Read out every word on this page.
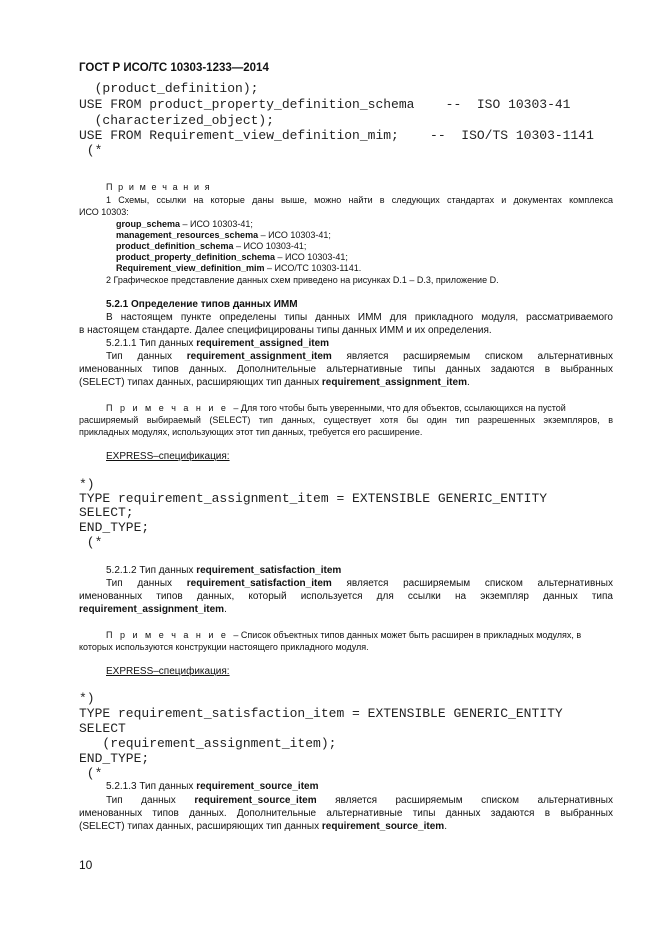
ГОСТ Р ИСО/ТС 10303-1233—2014
(product_definition);
USE FROM product_property_definition_schema    --  ISO 10303-41
(characterized_object);
USE FROM Requirement_view_definition_mim;    --  ISO/TS 10303-1141
(*
П р и м е ч а н и я
1 Схемы, ссылки на которые даны выше, можно найти в следующих стандартах и документах комплекса
ИСО 10303:
group_schema – ИСО 10303-41;
management_resources_schema – ИСО 10303-41;
product_definition_schema – ИСО 10303-41;
product_property_definition_schema – ИСО 10303-41;
Requirement_view_definition_mim – ИСО/ТС 10303-1141.
2 Графическое представление данных схем приведено на рисунках D.1 – D.3, приложение D.
5.2.1 Определение типов данных ИММ
В настоящем пункте определены типы данных ИММ для прикладного модуля, рассматриваемого
в настоящем стандарте. Далее специфицированы типы данных ИММ и их определения.
5.2.1.1 Тип данных requirement_assigned_item
Тип данных requirement_assignment_item является расширяемым списком альтернативных
именованных типов данных. Дополнительные альтернативные типы данных задаются в выбранных
(SELECT) типах данных, расширяющих тип данных requirement_assignment_item.
П р и м е ч а н и е – Для того чтобы быть уверенными, что для объектов, ссылающихся на пустой
расширяемый выбираемый (SELECT) тип данных, существует хотя бы один тип разрешенных экземпляров, в
прикладных модулях, использующих этот тип данных, требуется его расширение.
EXPRESS–спецификация:
*)
TYPE requirement_assignment_item = EXTENSIBLE GENERIC_ENTITY
SELECT;
END_TYPE;
(*
5.2.1.2 Тип данных requirement_satisfaction_item
Тип данных requirement_satisfaction_item является расширяемым списком альтернативных
именованных типов данных, который используется для ссылки на экземпляр данных типа
requirement_assignment_item.
П р и м е ч а н и е – Список объектных типов данных может быть расширен в прикладных модулях, в
которых используются конструкции настоящего прикладного модуля.
EXPRESS–спецификация:
*)
TYPE requirement_satisfaction_item = EXTENSIBLE GENERIC_ENTITY
SELECT
(requirement_assignment_item);
END_TYPE;
(*
5.2.1.3 Тип данных requirement_source_item
Тип данных requirement_source_item является расширяемым списком альтернативных
именованных типов данных. Дополнительные альтернативные типы данных задаются в выбранных
(SELECT) типах данных, расширяющих тип данных requirement_source_item.
10
